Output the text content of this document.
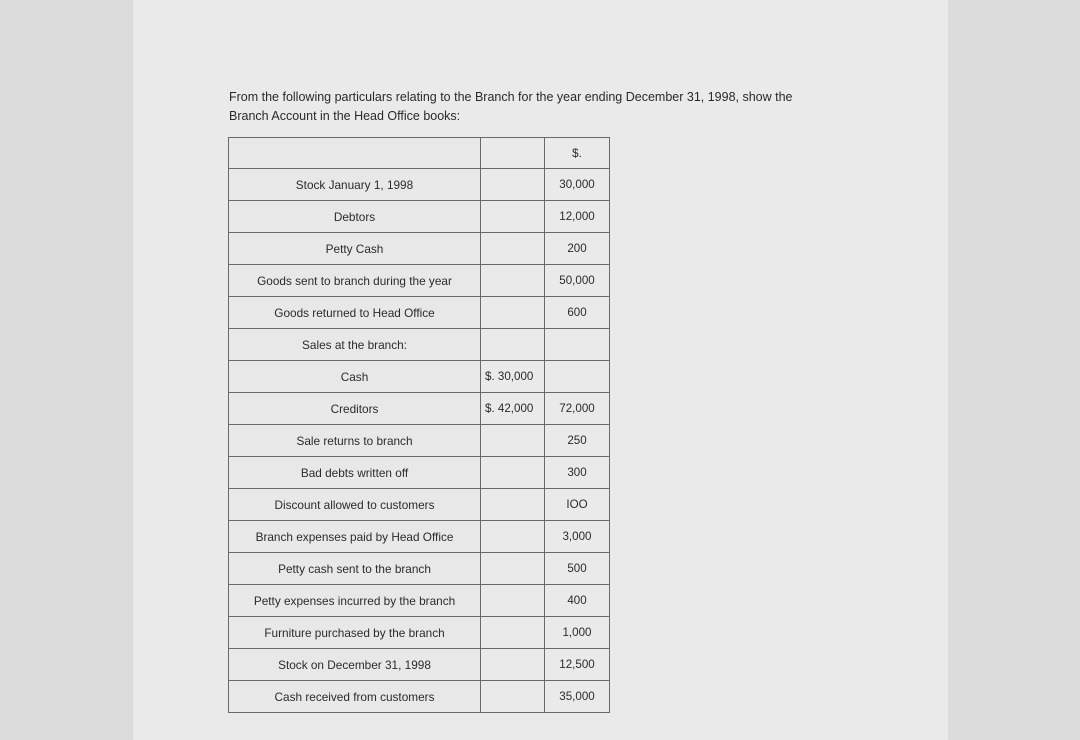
From the following particulars relating to the Branch for the year ending December 31, 1998, show the

Branch Account in the Head Office books:

		$.
Stock January 1, 1998		30,000
Debtors		12,000
Petty Cash		200
Goods sent to branch during the year		50,000
Goods returned to Head Office		600
Sales at the branch:		
Cash	$. 30,000	
Creditors	$. 42,000	72,000
Sale returns to branch		250
Bad debts written off		300
Discount allowed to customers		IOO
Branch expenses paid by Head Office		3,000
Petty cash sent to the branch		500
Petty expenses incurred by the branch		400
Furniture purchased by the branch		1,000
Stock on December 31, 1998		12,500
Cash received from customers		35,000
